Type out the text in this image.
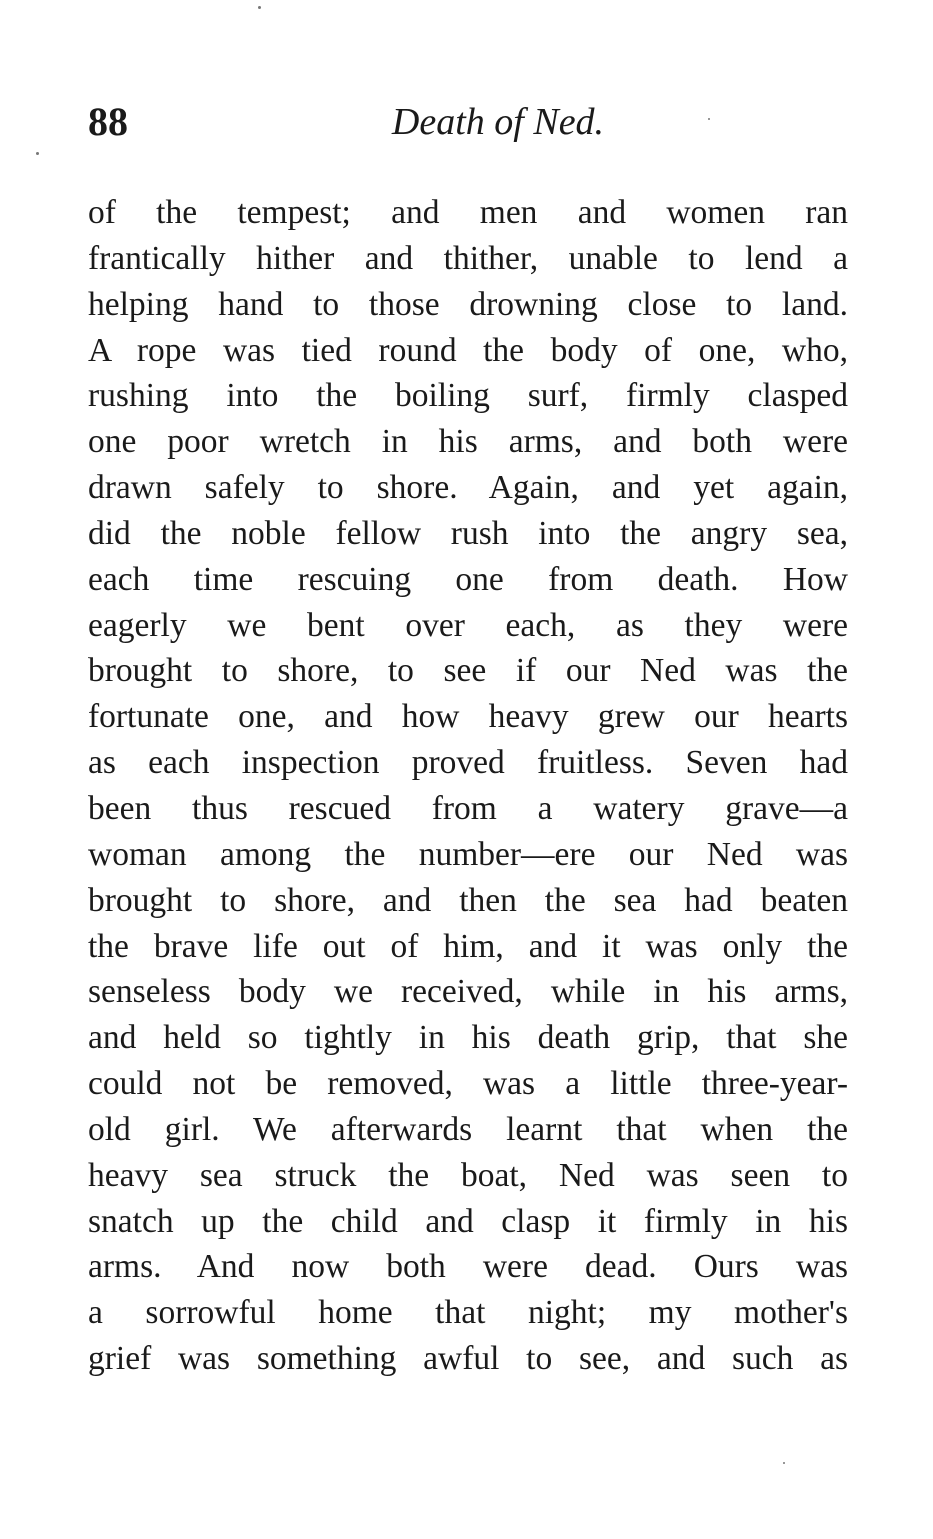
88	Death of Ned.
of the tempest; and men and women ran
frantically hither and thither, unable to lend a
helping hand to those drowning close to land.
A rope was tied round the body of one, who,
rushing into the boiling surf, firmly clasped
one poor wretch in his arms, and both were
drawn safely to shore. Again, and yet again,
did the noble fellow rush into the angry sea,
each time rescuing one from death. How
eagerly we bent over each, as they were
brought to shore, to see if our Ned was the
fortunate one, and how heavy grew our hearts
as each inspection proved fruitless. Seven had
been thus rescued from a watery grave—a
woman among the number—ere our Ned was
brought to shore, and then the sea had beaten
the brave life out of him, and it was only the
senseless body we received, while in his arms,
and held so tightly in his death grip, that she
could not be removed, was a little three-year-
old girl. We afterwards learnt that when the
heavy sea struck the boat, Ned was seen to
snatch up the child and clasp it firmly in his
arms. And now both were dead. Ours was
a sorrowful home that night; my mother's
grief was something awful to see, and such as
